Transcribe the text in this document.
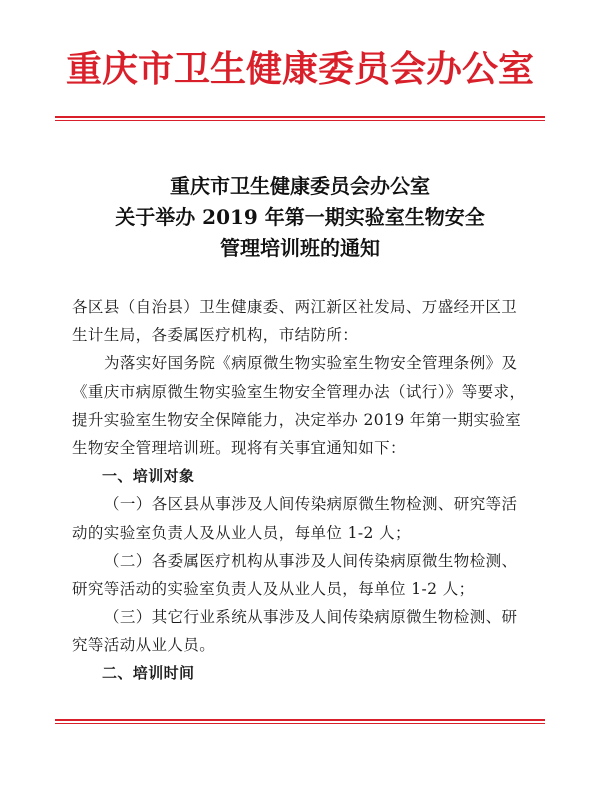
重庆市卫生健康委员会办公室
重庆市卫生健康委员会办公室
关于举办 2019 年第一期实验室生物安全
管理培训班的通知
各区县（自治县）卫生健康委、两江新区社发局、万盛经开区卫
生计生局，各委属医疗机构，市结防所：
为落实好国务院《病原微生物实验室生物安全管理条例》及
《重庆市病原微生物实验室生物安全管理办法（试行）》等要求，
提升实验室生物安全保障能力，决定举办 2019 年第一期实验室
生物安全管理培训班。现将有关事宜通知如下：
一、培训对象
（一）各区县从事涉及人间传染病原微生物检测、研究等活
动的实验室负责人及从业人员，每单位 1-2 人；
（二）各委属医疗机构从事涉及人间传染病原微生物检测、
研究等活动的实验室负责人及从业人员，每单位 1-2 人；
（三）其它行业系统从事涉及人间传染病原微生物检测、研
究等活动从业人员。
二、培训时间
